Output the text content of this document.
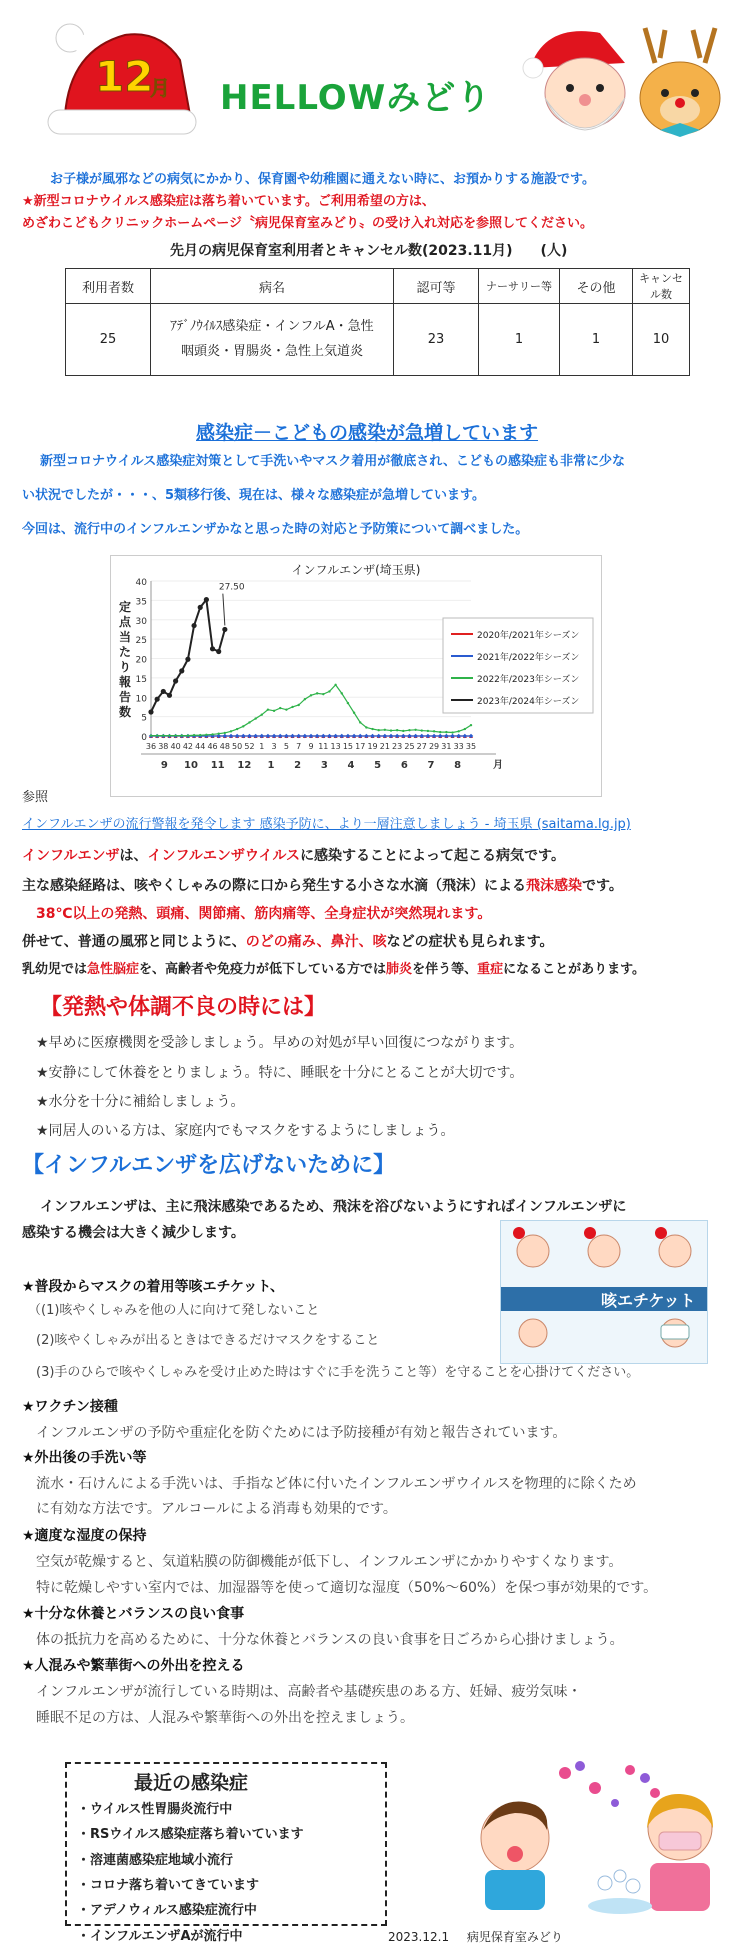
12
月 HELLOWみどり
お子様が風邪などの病気にかかり、保育園や幼稚園に通えない時に、お預かりする施設です。
★新型コロナウイルス感染症は落ち着いています。ご利用希望の方は、
めざわこどもクリニックホームページ〝病児保育室みどり〟の受け入れ対応を参照してください。
先月の病児保育室利用者とキャンセル数(2023.11月)　　(人)
利用者数	病名	認可等	ナーサリー等	その他	キャンセル数
25	ｱﾃﾞﾉｳｲﾙｽ感染症・インフルA・急性
咽頭炎・胃腸炎・急性上気道炎	23	1	1	10
感染症－こどもの感染が急増しています
新型コロナウイルス感染症対策として手洗いやマスク着用が徹底され、こどもの感染症も非常に少な
い状況でしたが・・・、5類移行後、現在は、様々な感染症が急増しています。
今回は、流行中のインフルエンザかなと思った時の対応と予防策について調べました。
インフルエンザ(埼玉県)
定
点
当
た
り
報
告
数
0
5
10
15
20
25
30
35
40
36 38 40 42 44 46 48 50 52 1 3 5 7 9 11 13 15 17 19 21 23 25 27 29 31 33 35
9 10 11 12 1 2 3 4 5 6 7 8	月
27.50
2020年/2021年シーズン
2021年/2022年シーズン
2022年/2023年シーズン
2023年/2024年シーズン
参照
インフルエンザの流行警報を発令します 感染予防に、より一層注意しましょう - 埼玉県 (saitama.lg.jp)
インフルエンザは、インフルエンザウイルスに感染することによって起こる病気です。
主な感染経路は、咳やくしゃみの際に口から発生する小さな水滴（飛沫）による飛沫感染です。
38℃以上の発熱、頭痛、関節痛、筋肉痛等、全身症状が突然現れます。
併せて、普通の風邪と同じように、のどの痛み、鼻汁、咳などの症状も見られます。
乳幼児では急性脳症を、高齢者や免疫力が低下している方では肺炎を伴う等、重症になることがあります。
【発熱や体調不良の時には】
★早めに医療機関を受診しましょう。早めの対処が早い回復につながります。
★安静にして休養をとりましょう。特に、睡眠を十分にとることが大切です。
★水分を十分に補給しましょう。
★同居人のいる方は、家庭内でもマスクをするようにしましょう。
【インフルエンザを広げないために】
インフルエンザは、主に飛沫感染であるため、飛沫を浴びないようにすればインフルエンザに
感染する機会は大きく減少します。
咳エチケット
★普段からマスクの着用等咳エチケット、
（(1)咳やくしゃみを他の人に向けて発しないこと
(2)咳やくしゃみが出るときはできるだけマスクをすること
(3)手のひらで咳やくしゃみを受け止めた時はすぐに手を洗うこと等）を守ることを心掛けてください。
★ワクチン接種
インフルエンザの予防や重症化を防ぐためには予防接種が有効と報告されています。
★外出後の手洗い等
流水・石けんによる手洗いは、手指など体に付いたインフルエンザウイルスを物理的に除くため
に有効な方法です。アルコールによる消毒も効果的です。
★適度な湿度の保持
空気が乾燥すると、気道粘膜の防御機能が低下し、インフルエンザにかかりやすくなります。
特に乾燥しやすい室内では、加湿器等を使って適切な湿度（50%～60%）を保つ事が効果的です。
★十分な休養とバランスの良い食事
体の抵抗力を高めるために、十分な休養とバランスの良い食事を日ごろから心掛けましょう。
★人混みや繁華街への外出を控える
インフルエンザが流行している時期は、高齢者や基礎疾患のある方、妊婦、疲労気味・
睡眠不足の方は、人混みや繁華街への外出を控えましょう。
最近の感染症
・ウイルス性胃腸炎流行中
・RSウイルス感染症落ち着いています
・溶連菌感染症地域小流行
・コロナ落ち着いてきています
・アデノウィルス感染症流行中
・インフルエンザAが流行中	2023.12.1 病児保育室みどり
